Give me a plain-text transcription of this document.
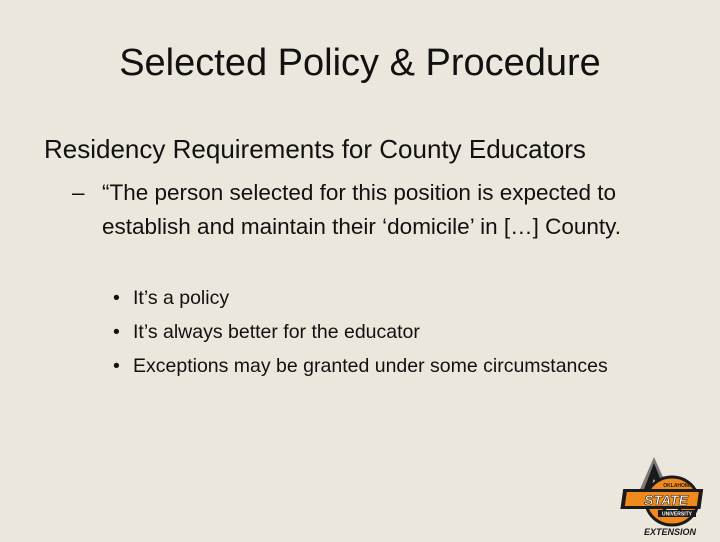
Selected Policy & Procedure
Residency Requirements for County Educators
– “The person selected for this position is expected to establish and maintain their ‘domicile’ in […] County.
• It’s a policy
• It’s always better for the educator
• Exceptions may be granted under some circumstances
OKLAHOMA
STATE
UNIVERSITY
EXTENSION
